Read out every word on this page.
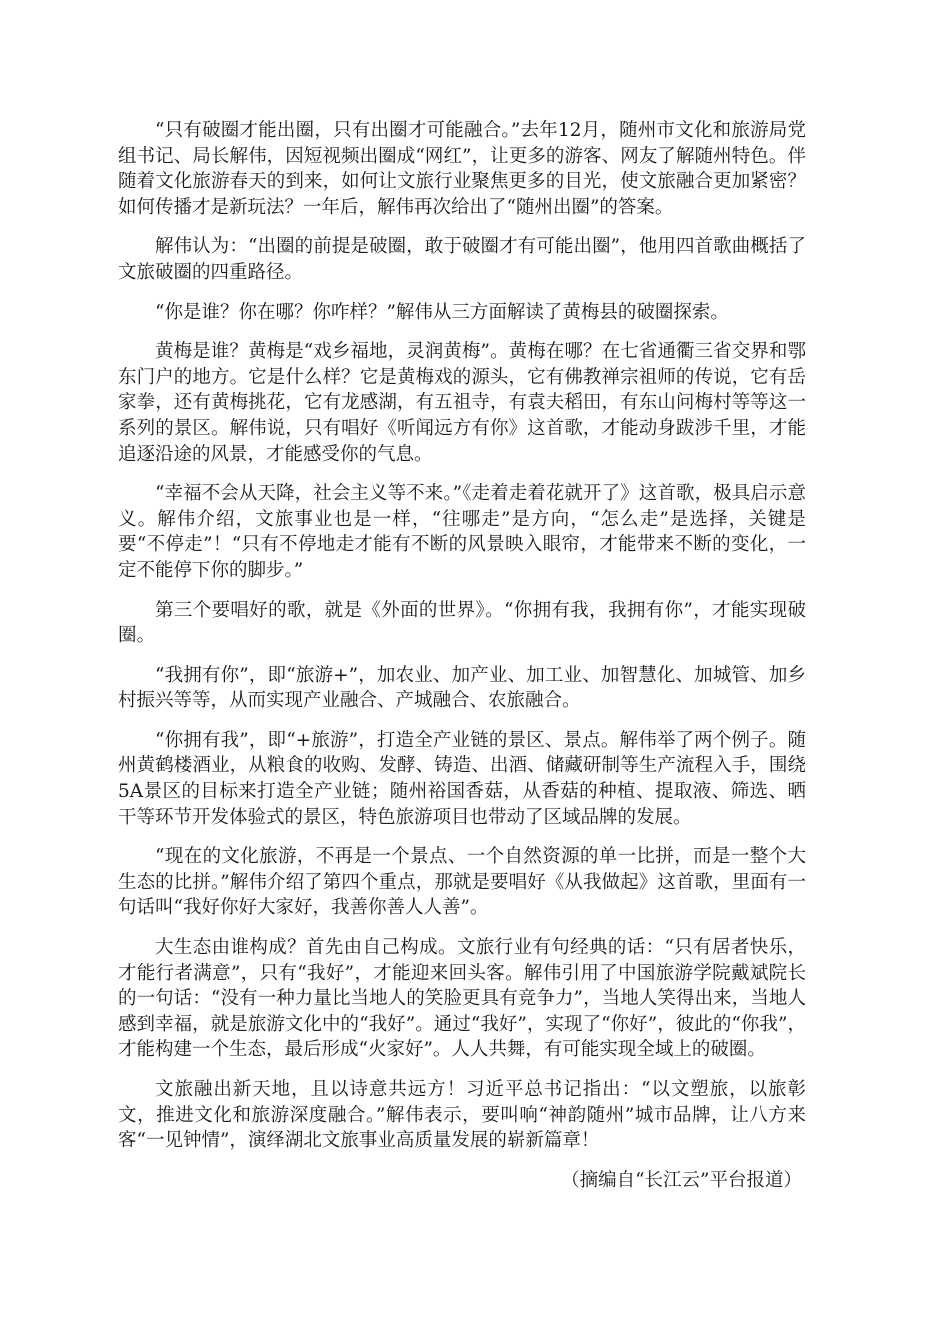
“只有破圈才能出圈，只有出圈才可能融合。”去年12月，随州市文化和旅游局党组书记、局长解伟，因短视频出圈成“网红”，让更多的游客、网友了解随州特色。伴随着文化旅游春天的到来，如何让文旅行业聚焦更多的目光，使文旅融合更加紧密？如何传播才是新玩法？一年后，解伟再次给出了“随州出圈”的答案。

解伟认为：“出圈的前提是破圈，敢于破圈才有可能出圈”，他用四首歌曲概括了文旅破圈的四重路径。

“你是谁？你在哪？你咋样？”解伟从三方面解读了黄梅县的破圈探索。

黄梅是谁？黄梅是“戏乡福地，灵润黄梅”。黄梅在哪？在七省通衢三省交界和鄂东门户的地方。它是什么样？它是黄梅戏的源头，它有佛教禅宗祖师的传说，它有岳家拳，还有黄梅挑花，它有龙感湖，有五祖寺，有袁夫稻田，有东山问梅村等等这一系列的景区。解伟说，只有唱好《听闻远方有你》这首歌，才能动身跋涉千里，才能追逐沿途的风景，才能感受你的气息。

“幸福不会从天降，社会主义等不来。”《走着走着花就开了》这首歌，极具启示意义。解伟介绍，文旅事业也是一样，“往哪走”是方向，“怎么走”是选择，关键是要“不停走”！“只有不停地走才能有不断的风景映入眼帘，才能带来不断的变化，一定不能停下你的脚步。”

第三个要唱好的歌，就是《外面的世界》。“你拥有我，我拥有你”，才能实现破圈。

“我拥有你”，即“旅游+”，加农业、加产业、加工业、加智慧化、加城管、加乡村振兴等等，从而实现产业融合、产城融合、农旅融合。

“你拥有我”，即“+旅游”，打造全产业链的景区、景点。解伟举了两个例子。随州黄鹤楼酒业，从粮食的收购、发酵、铸造、出酒、储藏研制等生产流程入手，围绕5A景区的目标来打造全产业链；随州裕国香菇，从香菇的种植、提取液、筛选、晒干等环节开发体验式的景区，特色旅游项目也带动了区域品牌的发展。

“现在的文化旅游，不再是一个景点、一个自然资源的单一比拼，而是一整个大生态的比拼。”解伟介绍了第四个重点，那就是要唱好《从我做起》这首歌，里面有一句话叫“我好你好大家好，我善你善人人善”。

大生态由谁构成？首先由自己构成。文旅行业有句经典的话：“只有居者快乐，才能行者满意”，只有“我好”，才能迎来回头客。解伟引用了中国旅游学院戴斌院长的一句话：“没有一种力量比当地人的笑脸更具有竞争力”，当地人笑得出来，当地人感到幸福，就是旅游文化中的“我好”。通过“我好”，实现了“你好”，彼此的“你我”，才能构建一个生态，最后形成“火家好”。人人共舞，有可能实现全域上的破圈。

文旅融出新天地，且以诗意共远方！习近平总书记指出：“以文塑旅，以旅彰文，推进文化和旅游深度融合。”解伟表示，要叫响“神韵随州”城市品牌，让八方来客“一见钟情”，演绎湖北文旅事业高质量发展的崭新篇章！

（摘编自“长江云”平台报道）
